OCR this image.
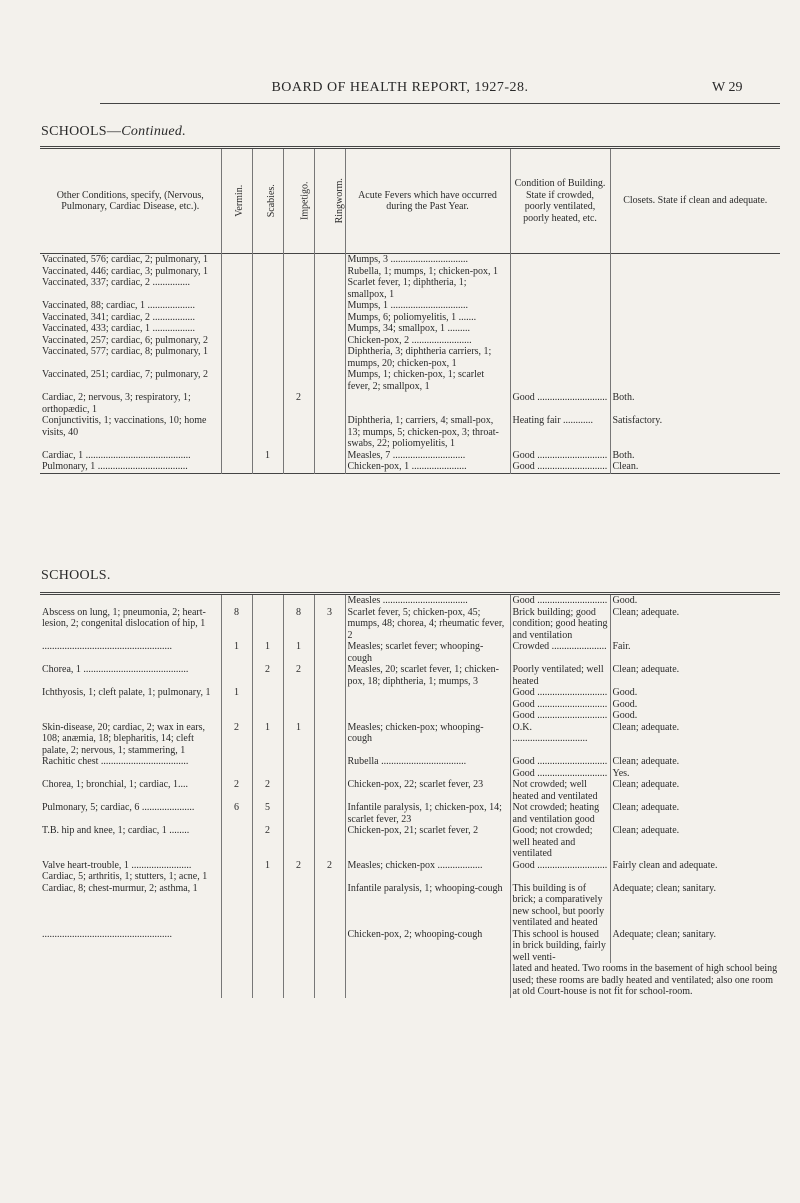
BOARD OF HEALTH REPORT, 1927-28.	W 29
SCHOOLS—Continued.
Other Conditions, specify, (Nervous, Pulmonary, Cardiac Disease, etc.).	Vermin.	Scabies.	Impetigo.	Ringworm.	Acute Fevers which have occurred during the Past Year.	Condition of Building. State if crowded, poorly ventilated, poorly heated, etc.	Closets. State if clean and adequate.
Vaccinated, 576; cardiac, 2; pulmonary, 1					Mumps, 3 ...............................		
Vaccinated, 446; cardiac, 3; pulmonary, 1					Rubella, 1; mumps, 1; chicken-pox, 1		
Vaccinated, 337; cardiac, 2 ...............					Scarlet fever, 1; diphtheria, 1; smallpox, 1		
Vaccinated, 88; cardiac, 1 ...................					Mumps, 1 ...............................		
Vaccinated, 341; cardiac, 2 .................					Mumps, 6; poliomyelitis, 1 .......		
Vaccinated, 433; cardiac, 1 .................					Mumps, 34; smallpox, 1 .........		
Vaccinated, 257; cardiac, 6; pulmonary, 2					Chicken-pox, 2 ........................		
Vaccinated, 577; cardiac, 8; pulmonary, 1					Diphtheria, 3; diphtheria carriers, 1; mumps, 20; chicken-pox, 1		
Vaccinated, 251; cardiac, 7; pulmonary, 2					Mumps, 1; chicken-pox, 1; scarlet fever, 2; smallpox, 1		
Cardiac, 2; nervous, 3; respiratory, 1; orthopædic, 1			2			Good ............................	Both.
Conjunctivitis, 1; vaccinations, 10; home visits, 40					Diphtheria, 1; carriers, 4; small-pox, 13; mumps, 5; chicken-pox, 3; throat-swabs, 22; poliomyelitis, 1	Heating fair ............	Satisfactory.
Cardiac, 1 ..........................................		1			Measles, 7 .............................	Good ............................	Both.
Pulmonary, 1 ....................................					Chicken-pox, 1 ......................	Good ............................	Clean.
SCHOOLS.
					Measles ..................................	Good ............................	Good.
Abscess on lung, 1; pneumonia, 2; heart-lesion, 2; congenital dislocation of hip, 1	8		8	3	Scarlet fever, 5; chicken-pox, 45; mumps, 48; chorea, 4; rheumatic fever, 2	Brick building; good condition; good heating and ventilation	Clean; adequate.
....................................................	1	1	1		Measles; scarlet fever; whooping-cough	Crowded ......................	Fair.
Chorea, 1 ..........................................		2	2		Measles, 20; scarlet fever, 1; chicken-pox, 18; diphtheria, 1; mumps, 3	Poorly ventilated; well heated	Clean; adequate.
Ichthyosis, 1; cleft palate, 1; pulmonary, 1	1					Good ............................	Good.
						Good ............................	Good.
						Good ............................	Good.
Skin-disease, 20; cardiac, 2; wax in ears, 108; anæmia, 18; blepharitis, 14; cleft palate, 2; nervous, 1; stammering, 1	2	1	1		Measles; chicken-pox; whooping-cough	O.K. ..............................	Clean; adequate.
Rachitic chest ...................................					Rubella ..................................	Good ............................	Clean; adequate.
						Good ............................	Yes.
Chorea, 1; bronchial, 1; cardiac, 1....	2	2			Chicken-pox, 22; scarlet fever, 23	Not crowded; well heated and ventilated	Clean; adequate.
Pulmonary, 5; cardiac, 6 .....................	6	5			Infantile paralysis, 1; chicken-pox, 14; scarlet fever, 23	Not crowded; heating and ventilation good	Clean; adequate.
T.B. hip and knee, 1; cardiac, 1 ........		2			Chicken-pox, 21; scarlet fever, 2	Good; not crowded; well heated and ventilated	Clean; adequate.
Valve heart-trouble, 1 ........................		1	2	2	Measles; chicken-pox ..................	Good ............................	Fairly clean and adequate.
Cardiac, 5; arthritis, 1; stutters, 1; acne, 1							
Cardiac, 8; chest-murmur, 2; asthma, 1					Infantile paralysis, 1; whooping-cough	This building is of brick; a comparatively new school, but poorly ventilated and heated	Adequate; clean; sanitary.
....................................................					Chicken-pox, 2; whooping-cough	This school is housed in brick building, fairly well venti-	Adequate; clean; sanitary.
						lated and heated. Two rooms in the basement of high school being used; these rooms are badly heated and ventilated; also one room at old Court-house is not fit for school-room.	
